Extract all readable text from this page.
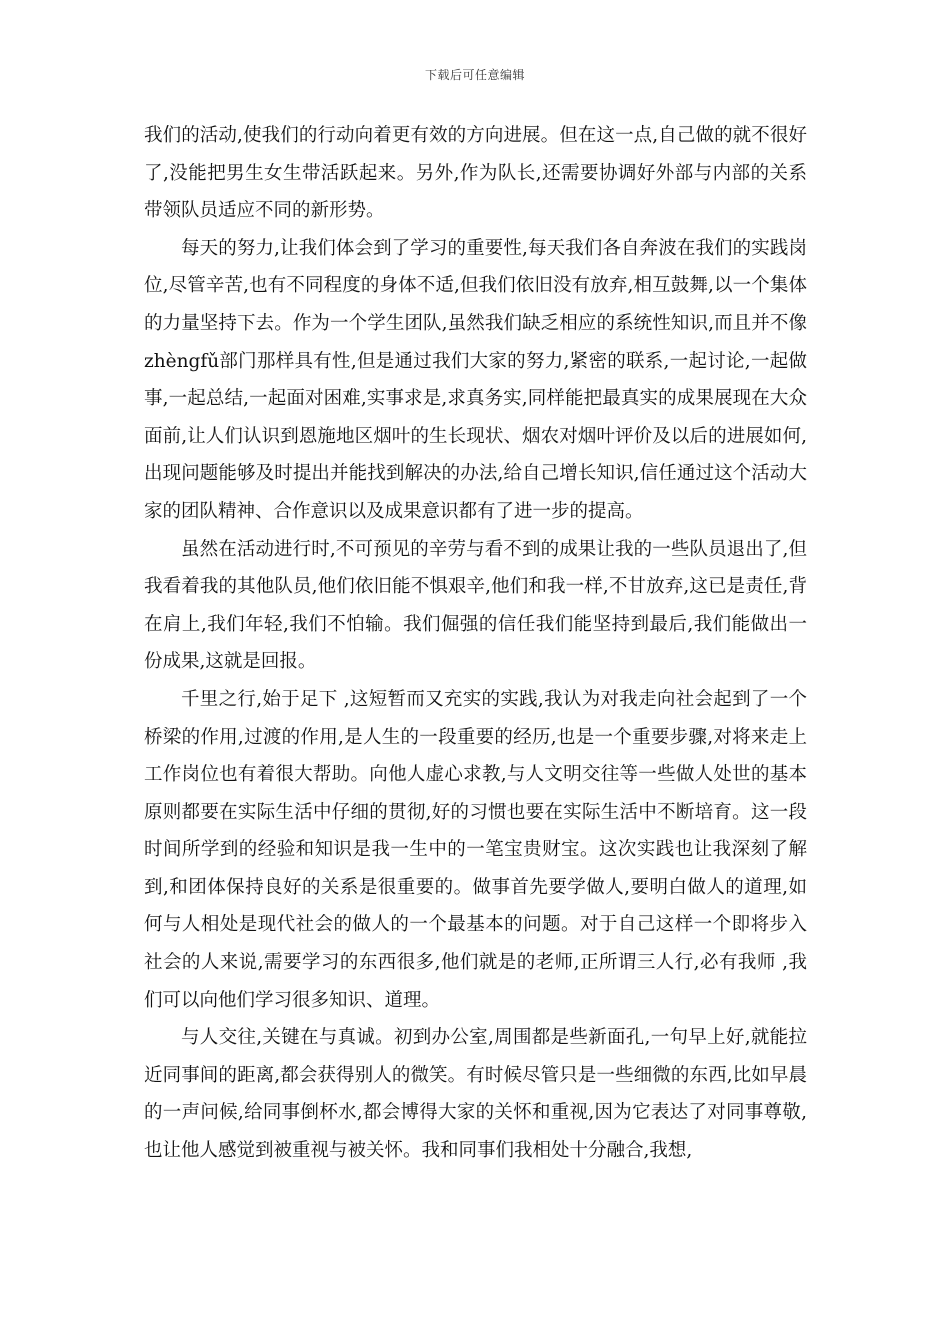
下载后可任意编辑

我们的活动,使我们的行动向着更有效的方向进展。但在这一点,自己做的就不很好了,没能把男生女生带活跃起来。另外,作为队长,还需要协调好外部与内部的关系带领队员适应不同的新形势。

每天的努力,让我们体会到了学习的重要性,每天我们各自奔波在我们的实践岗位,尽管辛苦,也有不同程度的身体不适,但我们依旧没有放弃,相互鼓舞,以一个集体的力量坚持下去。作为一个学生团队,虽然我们缺乏相应的系统性知识,而且并不像zhèngfǔ部门那样具有性,但是通过我们大家的努力,紧密的联系,一起讨论,一起做事,一起总结,一起面对困难,实事求是,求真务实,同样能把最真实的成果展现在大众面前,让人们认识到恩施地区烟叶的生长现状、烟农对烟叶评价及以后的进展如何,出现问题能够及时提出并能找到解决的办法,给自己增长知识,信任通过这个活动大家的团队精神、合作意识以及成果意识都有了进一步的提高。

虽然在活动进行时,不可预见的辛劳与看不到的成果让我的一些队员退出了,但我看着我的其他队员,他们依旧能不惧艰辛,他们和我一样,不甘放弃,这已是责任,背在肩上,我们年轻,我们不怕输。我们倔强的信任我们能坚持到最后,我们能做出一份成果,这就是回报。

千里之行,始于足下 ,这短暂而又充实的实践,我认为对我走向社会起到了一个桥梁的作用,过渡的作用,是人生的一段重要的经历,也是一个重要步骤,对将来走上工作岗位也有着很大帮助。向他人虚心求教,与人文明交往等一些做人处世的基本原则都要在实际生活中仔细的贯彻,好的习惯也要在实际生活中不断培育。这一段时间所学到的经验和知识是我一生中的一笔宝贵财宝。这次实践也让我深刻了解到,和团体保持良好的关系是很重要的。做事首先要学做人,要明白做人的道理,如何与人相处是现代社会的做人的一个最基本的问题。对于自己这样一个即将步入社会的人来说,需要学习的东西很多,他们就是的老师,正所谓三人行,必有我师 ,我们可以向他们学习很多知识、道理。

与人交往,关键在与真诚。初到办公室,周围都是些新面孔,一句早上好,就能拉近同事间的距离,都会获得别人的微笑。有时候尽管只是一些细微的东西,比如早晨的一声问候,给同事倒杯水,都会博得大家的关怀和重视,因为它表达了对同事尊敬,也让他人感觉到被重视与被关怀。我和同事们我相处十分融合,我想,
